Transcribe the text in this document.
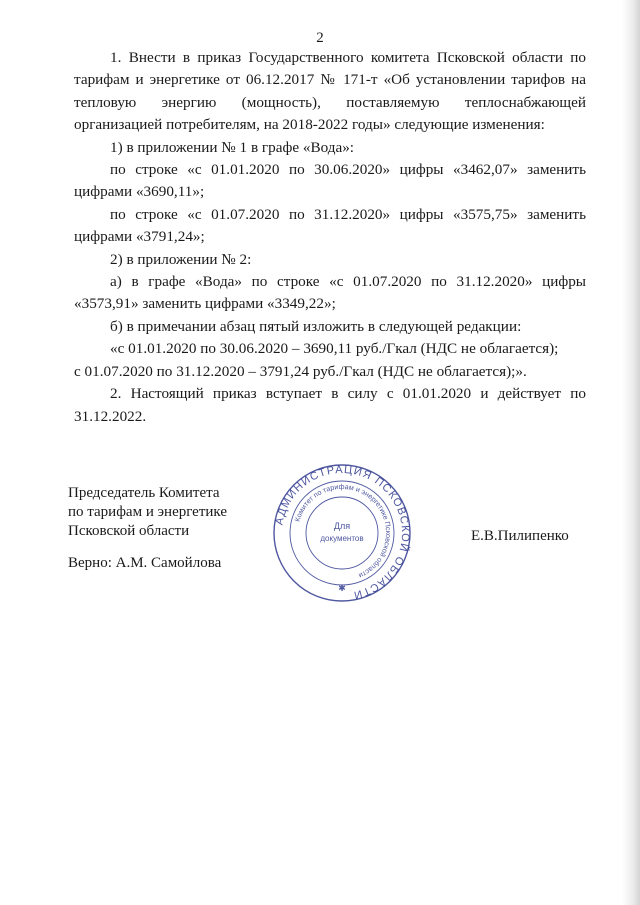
2

1. Внести в приказ Государственного комитета Псковской области по тарифам и энергетике от 06.12.2017 № 171-т «Об установлении тарифов на тепловую энергию (мощность), поставляемую теплоснабжающей организацией потребителям, на 2018-2022 годы» следующие изменения:

1) в приложении № 1 в графе «Вода»:

по строке «с 01.01.2020 по 30.06.2020» цифры «3462,07» заменить цифрами «3690,11»;

по строке «с 01.07.2020 по 31.12.2020» цифры «3575,75» заменить цифрами «3791,24»;

2) в приложении № 2:

а) в графе «Вода» по строке «с 01.07.2020 по 31.12.2020» цифры «3573,91» заменить цифрами «3349,22»;

б) в примечании абзац пятый изложить в следующей редакции:

«с 01.01.2020 по 30.06.2020 – 3690,11 руб./Гкал (НДС не облагается);
с 01.07.2020 по 31.12.2020 – 3791,24 руб./Гкал (НДС не облагается);».

2. Настоящий приказ вступает в силу с 01.01.2020 и действует по 31.12.2022.

Председатель Комитета
по тарифам и энергетике
Псковской области
Верно: А.М. Самойлова
Е.В.Пилипенко
АДМИНИСТРАЦИЯ ПСКОВСКОЙ ОБЛАСТИ
Комитет по тарифам и энергетике Псковской области
Для
документов
✱
